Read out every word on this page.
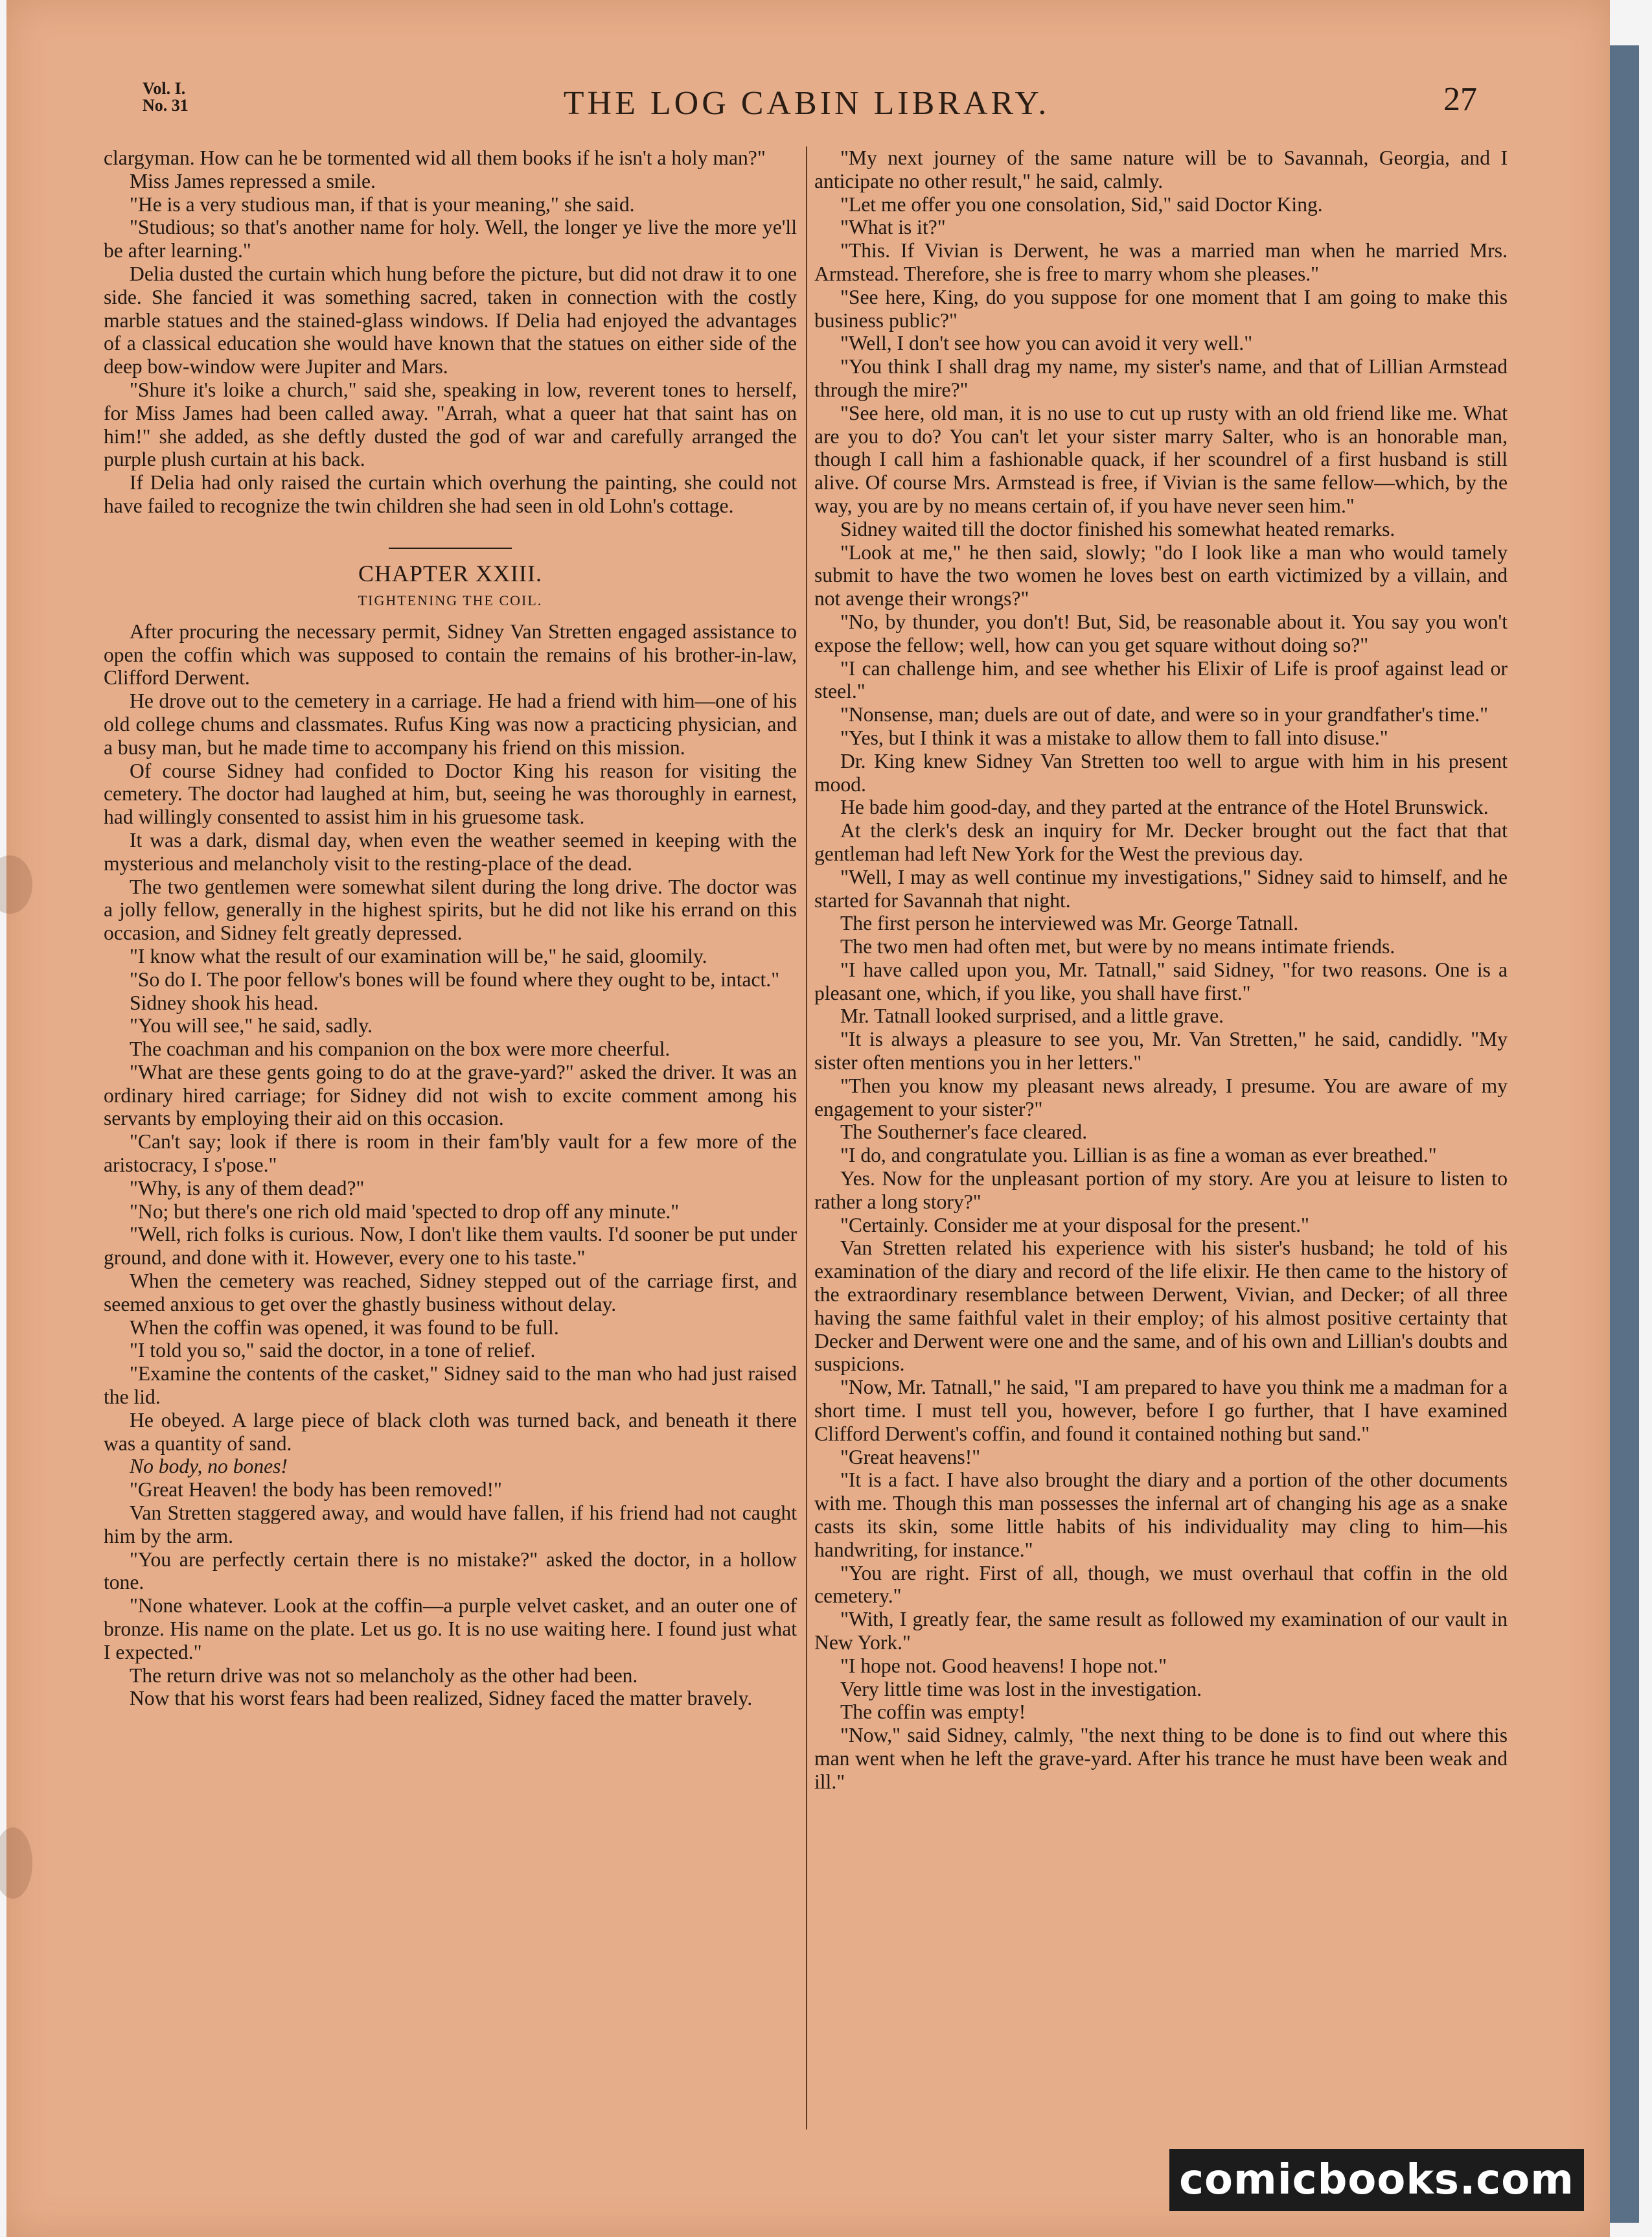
Vol. I.
No. 31	THE LOG CABIN LIBRARY.	27

clargyman. How can he be tormented wid all them books if he isn't a holy man?"

Miss James repressed a smile.

"He is a very studious man, if that is your meaning," she said.

"Studious; so that's another name for holy. Well, the longer ye live the more ye'll be after learning."

Delia dusted the curtain which hung before the picture, but did not draw it to one side. She fancied it was something sacred, taken in connection with the costly marble statues and the stained-glass windows. If Delia had enjoyed the advantages of a classical education she would have known that the statues on either side of the deep bow-window were Jupiter and Mars.

"Shure it's loike a church," said she, speaking in low, reverent tones to herself, for Miss James had been called away. "Arrah, what a queer hat that saint has on him!" she added, as she deftly dusted the god of war and carefully arranged the purple plush curtain at his back.

If Delia had only raised the curtain which overhung the painting, she could not have failed to recognize the twin children she had seen in old Lohn's cottage.

CHAPTER XXIII.
TIGHTENING THE COIL.

After procuring the necessary permit, Sidney Van Stretten engaged assistance to open the coffin which was supposed to contain the remains of his brother-in-law, Clifford Derwent.

He drove out to the cemetery in a carriage. He had a friend with him—one of his old college chums and classmates. Rufus King was now a practicing physician, and a busy man, but he made time to accompany his friend on this mission.

Of course Sidney had confided to Doctor King his reason for visiting the cemetery. The doctor had laughed at him, but, seeing he was thoroughly in earnest, had willingly consented to assist him in his gruesome task.

It was a dark, dismal day, when even the weather seemed in keeping with the mysterious and melancholy visit to the resting-place of the dead.

The two gentlemen were somewhat silent during the long drive. The doctor was a jolly fellow, generally in the highest spirits, but he did not like his errand on this occasion, and Sidney felt greatly depressed.

"I know what the result of our examination will be," he said, gloomily.

"So do I. The poor fellow's bones will be found where they ought to be, intact."

Sidney shook his head.

"You will see," he said, sadly.

The coachman and his companion on the box were more cheerful.

"What are these gents going to do at the grave-yard?" asked the driver. It was an ordinary hired carriage; for Sidney did not wish to excite comment among his servants by employing their aid on this occasion.

"Can't say; look if there is room in their fam'bly vault for a few more of the aristocracy, I s'pose."

"Why, is any of them dead?"

"No; but there's one rich old maid 'spected to drop off any minute."

"Well, rich folks is curious. Now, I don't like them vaults. I'd sooner be put under ground, and done with it. However, every one to his taste."

When the cemetery was reached, Sidney stepped out of the carriage first, and seemed anxious to get over the ghastly business without delay.

When the coffin was opened, it was found to be full.

"I told you so," said the doctor, in a tone of relief.

"Examine the contents of the casket," Sidney said to the man who had just raised the lid.

He obeyed. A large piece of black cloth was turned back, and beneath it there was a quantity of sand.

No body, no bones!

"Great Heaven! the body has been removed!"

Van Stretten staggered away, and would have fallen, if his friend had not caught him by the arm.

"You are perfectly certain there is no mistake?" asked the doctor, in a hollow tone.

"None whatever. Look at the coffin—a purple velvet casket, and an outer one of bronze. His name on the plate. Let us go. It is no use waiting here. I found just what I expected."

The return drive was not so melancholy as the other had been.

Now that his worst fears had been realized, Sidney faced the matter bravely.

"My next journey of the same nature will be to Savannah, Georgia, and I anticipate no other result," he said, calmly.

"Let me offer you one consolation, Sid," said Doctor King.

"What is it?"

"This. If Vivian is Derwent, he was a married man when he married Mrs. Armstead. Therefore, she is free to marry whom she pleases."

"See here, King, do you suppose for one moment that I am going to make this business public?"

"Well, I don't see how you can avoid it very well."

"You think I shall drag my name, my sister's name, and that of Lillian Armstead through the mire?"

"See here, old man, it is no use to cut up rusty with an old friend like me. What are you to do? You can't let your sister marry Salter, who is an honorable man, though I call him a fashionable quack, if her scoundrel of a first husband is still alive. Of course Mrs. Armstead is free, if Vivian is the same fellow—which, by the way, you are by no means certain of, if you have never seen him."

Sidney waited till the doctor finished his somewhat heated remarks.

"Look at me," he then said, slowly; "do I look like a man who would tamely submit to have the two women he loves best on earth victimized by a villain, and not avenge their wrongs?"

"No, by thunder, you don't! But, Sid, be reasonable about it. You say you won't expose the fellow; well, how can you get square without doing so?"

"I can challenge him, and see whether his Elixir of Life is proof against lead or steel."

"Nonsense, man; duels are out of date, and were so in your grandfather's time."

"Yes, but I think it was a mistake to allow them to fall into disuse."

Dr. King knew Sidney Van Stretten too well to argue with him in his present mood.

He bade him good-day, and they parted at the entrance of the Hotel Brunswick.

At the clerk's desk an inquiry for Mr. Decker brought out the fact that that gentleman had left New York for the West the previous day.

"Well, I may as well continue my investigations," Sidney said to himself, and he started for Savannah that night.

The first person he interviewed was Mr. George Tatnall.

The two men had often met, but were by no means intimate friends.

"I have called upon you, Mr. Tatnall," said Sidney, "for two reasons. One is a pleasant one, which, if you like, you shall have first."

Mr. Tatnall looked surprised, and a little grave.

"It is always a pleasure to see you, Mr. Van Stretten," he said, candidly. "My sister often mentions you in her letters."

"Then you know my pleasant news already, I presume. You are aware of my engagement to your sister?"

The Southerner's face cleared.

"I do, and congratulate you. Lillian is as fine a woman as ever breathed."

Yes. Now for the unpleasant portion of my story. Are you at leisure to listen to rather a long story?"

"Certainly. Consider me at your disposal for the present."

Van Stretten related his experience with his sister's husband; he told of his examination of the diary and record of the life elixir. He then came to the history of the extraordinary resemblance between Derwent, Vivian, and Decker; of all three having the same faithful valet in their employ; of his almost positive certainty that Decker and Derwent were one and the same, and of his own and Lillian's doubts and suspicions.

"Now, Mr. Tatnall," he said, "I am prepared to have you think me a madman for a short time. I must tell you, however, before I go further, that I have examined Clifford Derwent's coffin, and found it contained nothing but sand."

"Great heavens!"

"It is a fact. I have also brought the diary and a portion of the other documents with me. Though this man possesses the infernal art of changing his age as a snake casts its skin, some little habits of his individuality may cling to him—his handwriting, for instance."

"You are right. First of all, though, we must overhaul that coffin in the old cemetery."

"With, I greatly fear, the same result as followed my examination of our vault in New York."

"I hope not. Good heavens! I hope not."

Very little time was lost in the investigation.

The coffin was empty!

"Now," said Sidney, calmly, "the next thing to be done is to find out where this man went when he left the grave-yard. After his trance he must have been weak and ill."

comicbooks.com
